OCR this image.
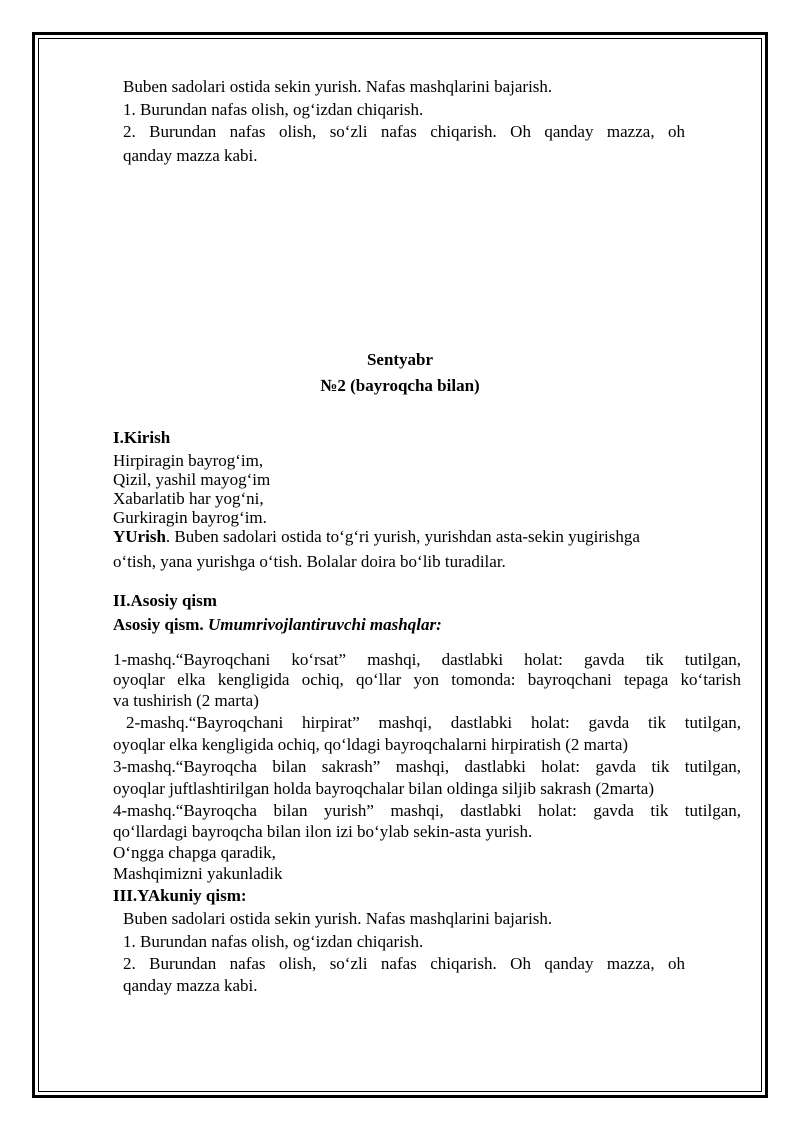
Buben sadolari ostida sekin yurish. Nafas mashqlarini bajarish.
1. Burundan nafas olish, og‘izdan chiqarish.
2. Burundan nafas olish, so‘zli nafas chiqarish. Oh qanday mazza, oh
qanday mazza kabi.
Sentyabr
№2 (bayroqcha bilan)
I.Kirish
Hirpiragin bayrog‘im,
Qizil, yashil mayog‘im
Xabarlatib har yog‘ni,
Gurkiragin bayrog‘im.
YUrish. Buben sadolari ostida to‘g‘ri yurish, yurishdan asta-sekin yugirishga
o‘tish, yana yurishga o‘tish. Bolalar doira bo‘lib turadilar.
II.Asosiy qism
Asosiy qism. Umumrivojlantiruvchi mashqlar:
1-mashq.“Bayroqchani ko‘rsat” mashqi, dastlabki holat: gavda tik tutilgan,
oyoqlar elka kengligida ochiq, qo‘llar yon tomonda: bayroqchani tepaga ko‘tarish
va tushirish (2 marta)
2-mashq.“Bayroqchani hirpirat” mashqi, dastlabki holat: gavda tik tutilgan,
oyoqlar elka kengligida ochiq, qo‘ldagi bayroqchalarni hirpiratish (2 marta)
3-mashq.“Bayroqcha bilan sakrash” mashqi, dastlabki holat: gavda tik tutilgan,
oyoqlar juftlashtirilgan holda bayroqchalar bilan oldinga siljib sakrash (2marta)
4-mashq.“Bayroqcha bilan yurish” mashqi, dastlabki holat: gavda tik tutilgan,
qo‘llardagi bayroqcha bilan ilon izi bo‘ylab sekin-asta yurish.
O‘ngga chapga qaradik,
Mashqimizni yakunladik
III.YAkuniy qism:
Buben sadolari ostida sekin yurish. Nafas mashqlarini bajarish.
1. Burundan nafas olish, og‘izdan chiqarish.
2. Burundan nafas olish, so‘zli nafas chiqarish. Oh qanday mazza, oh
qanday mazza kabi.
